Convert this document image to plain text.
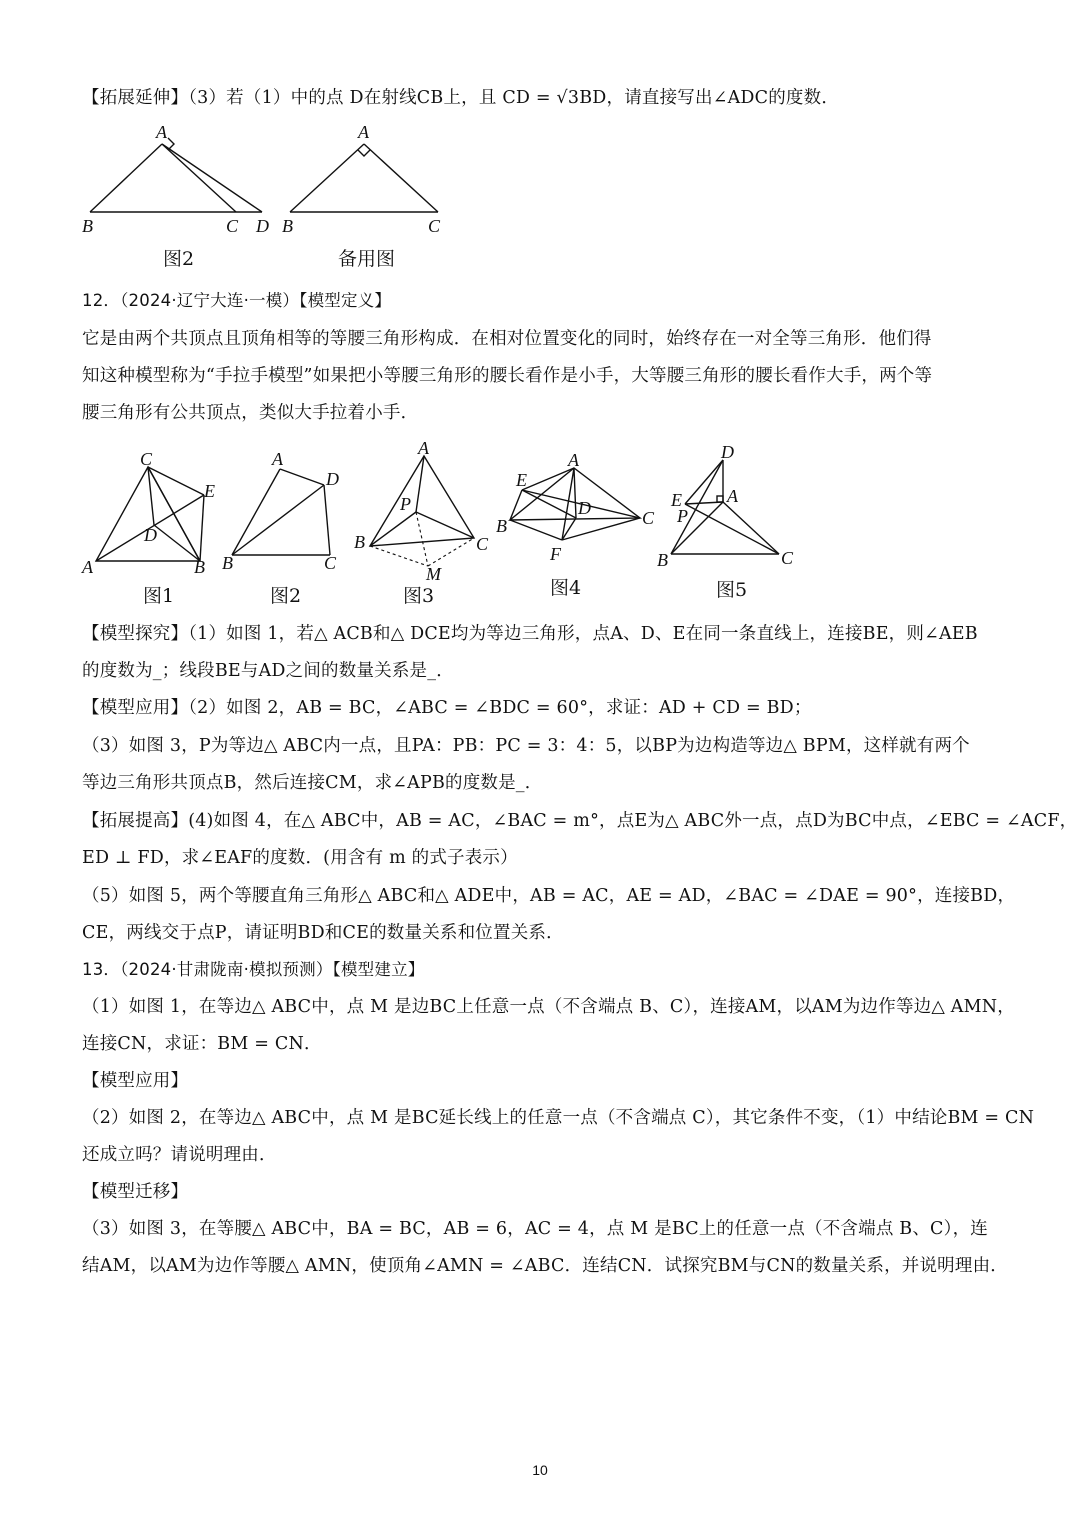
【拓展延伸】（3）若（1）中的点 D在射线CB上，且 CD = √3BD，请直接写出∠ADC的度数．
A
B	C D
图2
A
B	C
备用图
12．（2024·辽宁大连·一模）【模型定义】
它是由两个共顶点且顶角相等的等腰三角形构成．在相对位置变化的同时，始终存在一对全等三角形．他们得
知这种模型称为“手拉手模型”如果把小等腰三角形的腰长看作是小手，大等腰三角形的腰长看作大手，两个等
腰三角形有公共顶点，类似大手拉着小手．
C
A	B
E
D
图1
A
D
B	C
图2
A
P
B	C
M
图3
A
E
B	C
D
F
图4
D
E	A
P
B	C
图5
【模型探究】（1）如图 1，若△ ACB和△ DCE均为等边三角形，点A、D、E在同一条直线上，连接BE，则∠AEB
的度数为_；线段BE与AD之间的数量关系是_．
【模型应用】（2）如图 2，AB = BC，∠ABC = ∠BDC = 60°，求证：AD + CD = BD；
（3）如图 3，P为等边△ ABC内一点，且PA：PB：PC = 3：4：5，以BP为边构造等边△ BPM，这样就有两个
等边三角形共顶点B，然后连接CM，求∠APB的度数是_．
【拓展提高】(4)如图 4，在△ ABC中，AB = AC，∠BAC = m°，点E为△ ABC外一点，点D为BC中点，∠EBC = ∠ACF，
ED ⊥ FD，求∠EAF的度数．(用含有 m 的式子表示）
（5）如图 5，两个等腰直角三角形△ ABC和△ ADE中，AB = AC，AE = AD，∠BAC = ∠DAE = 90°，连接BD，
CE，两线交于点P，请证明BD和CE的数量关系和位置关系．
13．（2024·甘肃陇南·模拟预测）【模型建立】
（1）如图 1，在等边△ ABC中，点 M 是边BC上任意一点（不含端点 B、C），连接AM，以AM为边作等边△ AMN，
连接CN，求证：BM = CN．
【模型应用】
（2）如图 2，在等边△ ABC中，点 M 是BC延长线上的任意一点（不含端点 C），其它条件不变，（1）中结论BM = CN
还成立吗？请说明理由．
【模型迁移】
（3）如图 3，在等腰△ ABC中，BA = BC，AB = 6，AC = 4，点 M 是BC上的任意一点（不含端点 B、C），连
结AM，以AM为边作等腰△ AMN，使顶角∠AMN = ∠ABC．连结CN．试探究BM与CN的数量关系，并说明理由．
10
